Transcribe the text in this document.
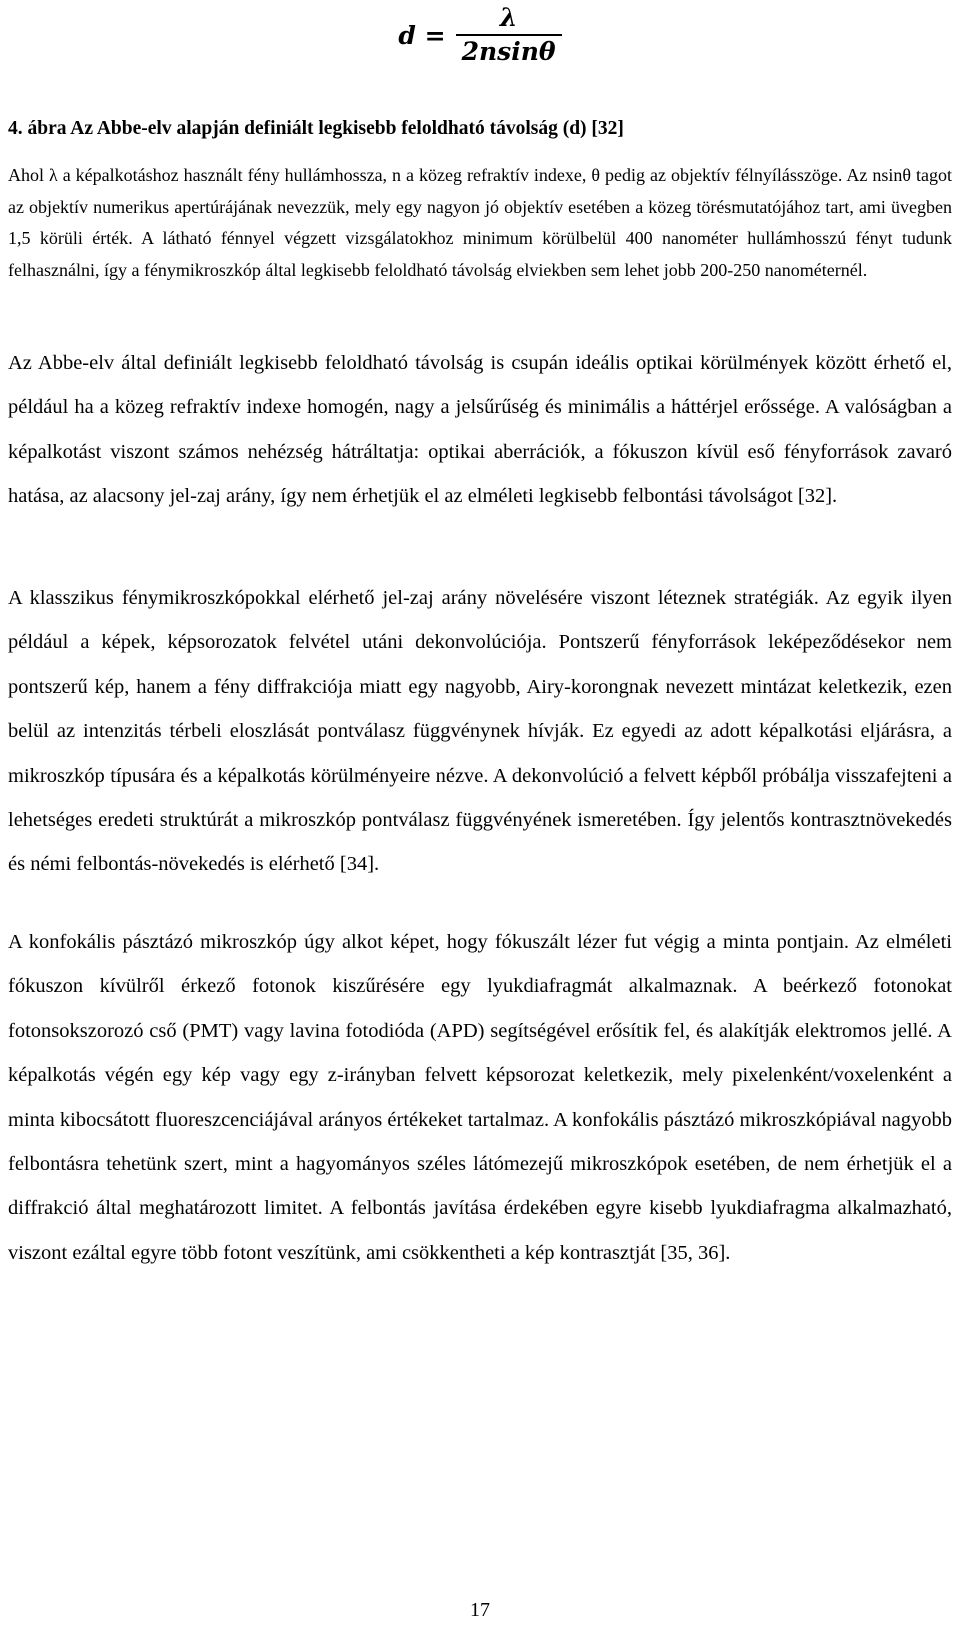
$d = \frac{\lambda}{2nsin\theta}$
4. ábra Az Abbe-elv alapján definiált legkisebb feloldható távolság (d) [32]

Ahol λ a képalkotáshoz használt fény hullámhossza, n a közeg refraktív indexe, θ pedig az objektív félnyílásszöge. Az nsinθ tagot az objektív numerikus apertúrájának nevezzük, mely egy nagyon jó objektív esetében a közeg törésmutatójához tart, ami üvegben 1,5 körüli érték. A látható fénnyel végzett vizsgálatokhoz minimum körülbelül 400 nanométer hullámhosszú fényt tudunk felhasználni, így a fénymikroszkóp által legkisebb feloldható távolság elviekben sem lehet jobb 200-250 nanométernél.

Az Abbe-elv által definiált legkisebb feloldható távolság is csupán ideális optikai körülmények között érhető el, például ha a közeg refraktív indexe homogén, nagy a jelsűrűség és minimális a háttérjel erőssége. A valóságban a képalkotást viszont számos nehézség hátráltatja: optikai aberrációk, a fókuszon kívül eső fényforrások zavaró hatása, az alacsony jel-zaj arány, így nem érhetjük el az elméleti legkisebb felbontási távolságot [32].

A klasszikus fénymikroszkópokkal elérhető jel-zaj arány növelésére viszont léteznek stratégiák. Az egyik ilyen például a képek, képsorozatok felvétel utáni dekonvolúciója. Pontszerű fényforrások leképeződésekor nem pontszerű kép, hanem a fény diffrakciója miatt egy nagyobb, Airy-korongnak nevezett mintázat keletkezik, ezen belül az intenzitás térbeli eloszlását pontválasz függvénynek hívják. Ez egyedi az adott képalkotási eljárásra, a mikroszkóp típusára és a képalkotás körülményeire nézve. A dekonvolúció a felvett képből próbálja visszafejteni a lehetséges eredeti struktúrát a mikroszkóp pontválasz függvényének ismeretében. Így jelentős kontrasztnövekedés és némi felbontás-növekedés is elérhető [34].

A konfokális pásztázó mikroszkóp úgy alkot képet, hogy fókuszált lézer fut végig a minta pontjain. Az elméleti fókuszon kívülről érkező fotonok kiszűrésére egy lyukdiafragmát alkalmaznak. A beérkező fotonokat fotonsokszorozó cső (PMT) vagy lavina fotodióda (APD) segítségével erősítik fel, és alakítják elektromos jellé. A képalkotás végén egy kép vagy egy z-irányban felvett képsorozat keletkezik, mely pixelenként/voxelenként a minta kibocsátott fluoreszcenciájával arányos értékeket tartalmaz. A konfokális pásztázó mikroszkópiával nagyobb felbontásra tehetünk szert, mint a hagyományos széles látómezejű mikroszkópok esetében, de nem érhetjük el a diffrakció által meghatározott limitet. A felbontás javítása érdekében egyre kisebb lyukdiafragma alkalmazható, viszont ezáltal egyre több fotont veszítünk, ami csökkentheti a kép kontrasztját [35, 36].

17
